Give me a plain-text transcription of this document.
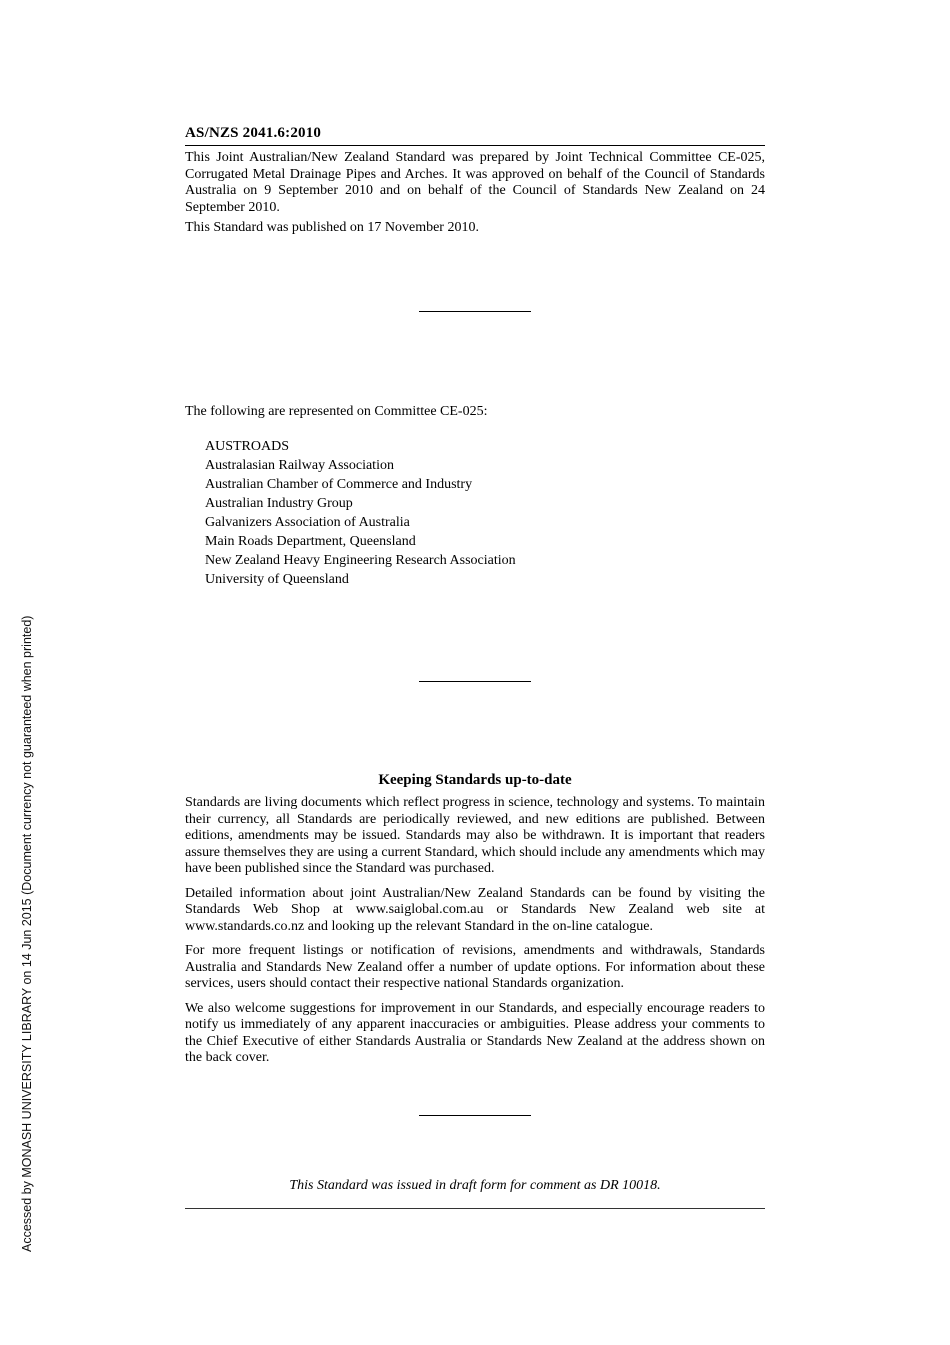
Accessed by MONASH UNIVERSITY LIBRARY on 14 Jun 2015 (Document currency not guaranteed when printed)
AS/NZS 2041.6:2010

This Joint Australian/New Zealand Standard was prepared by Joint Technical Committee CE-025, Corrugated Metal Drainage Pipes and Arches. It was approved on behalf of the Council of Standards Australia on 9 September 2010 and on behalf of the Council of Standards New Zealand on 24 September 2010.

This Standard was published on 17 November 2010.

The following are represented on Committee CE-025:

AUSTROADS
Australasian Railway Association
Australian Chamber of Commerce and Industry
Australian Industry Group
Galvanizers Association of Australia
Main Roads Department, Queensland
New Zealand Heavy Engineering Research Association
University of Queensland
Keeping Standards up-to-date

Standards are living documents which reflect progress in science, technology and systems. To maintain their currency, all Standards are periodically reviewed, and new editions are published. Between editions, amendments may be issued. Standards may also be withdrawn. It is important that readers assure themselves they are using a current Standard, which should include any amendments which may have been published since the Standard was purchased.

Detailed information about joint Australian/New Zealand Standards can be found by visiting the Standards Web Shop at www.saiglobal.com.au or Standards New Zealand web site at www.standards.co.nz and looking up the relevant Standard in the on-line catalogue.

For more frequent listings or notification of revisions, amendments and withdrawals, Standards Australia and Standards New Zealand offer a number of update options. For information about these services, users should contact their respective national Standards organization.

We also welcome suggestions for improvement in our Standards, and especially encourage readers to notify us immediately of any apparent inaccuracies or ambiguities. Please address your comments to the Chief Executive of either Standards Australia or Standards New Zealand at the address shown on the back cover.

This Standard was issued in draft form for comment as DR 10018.
